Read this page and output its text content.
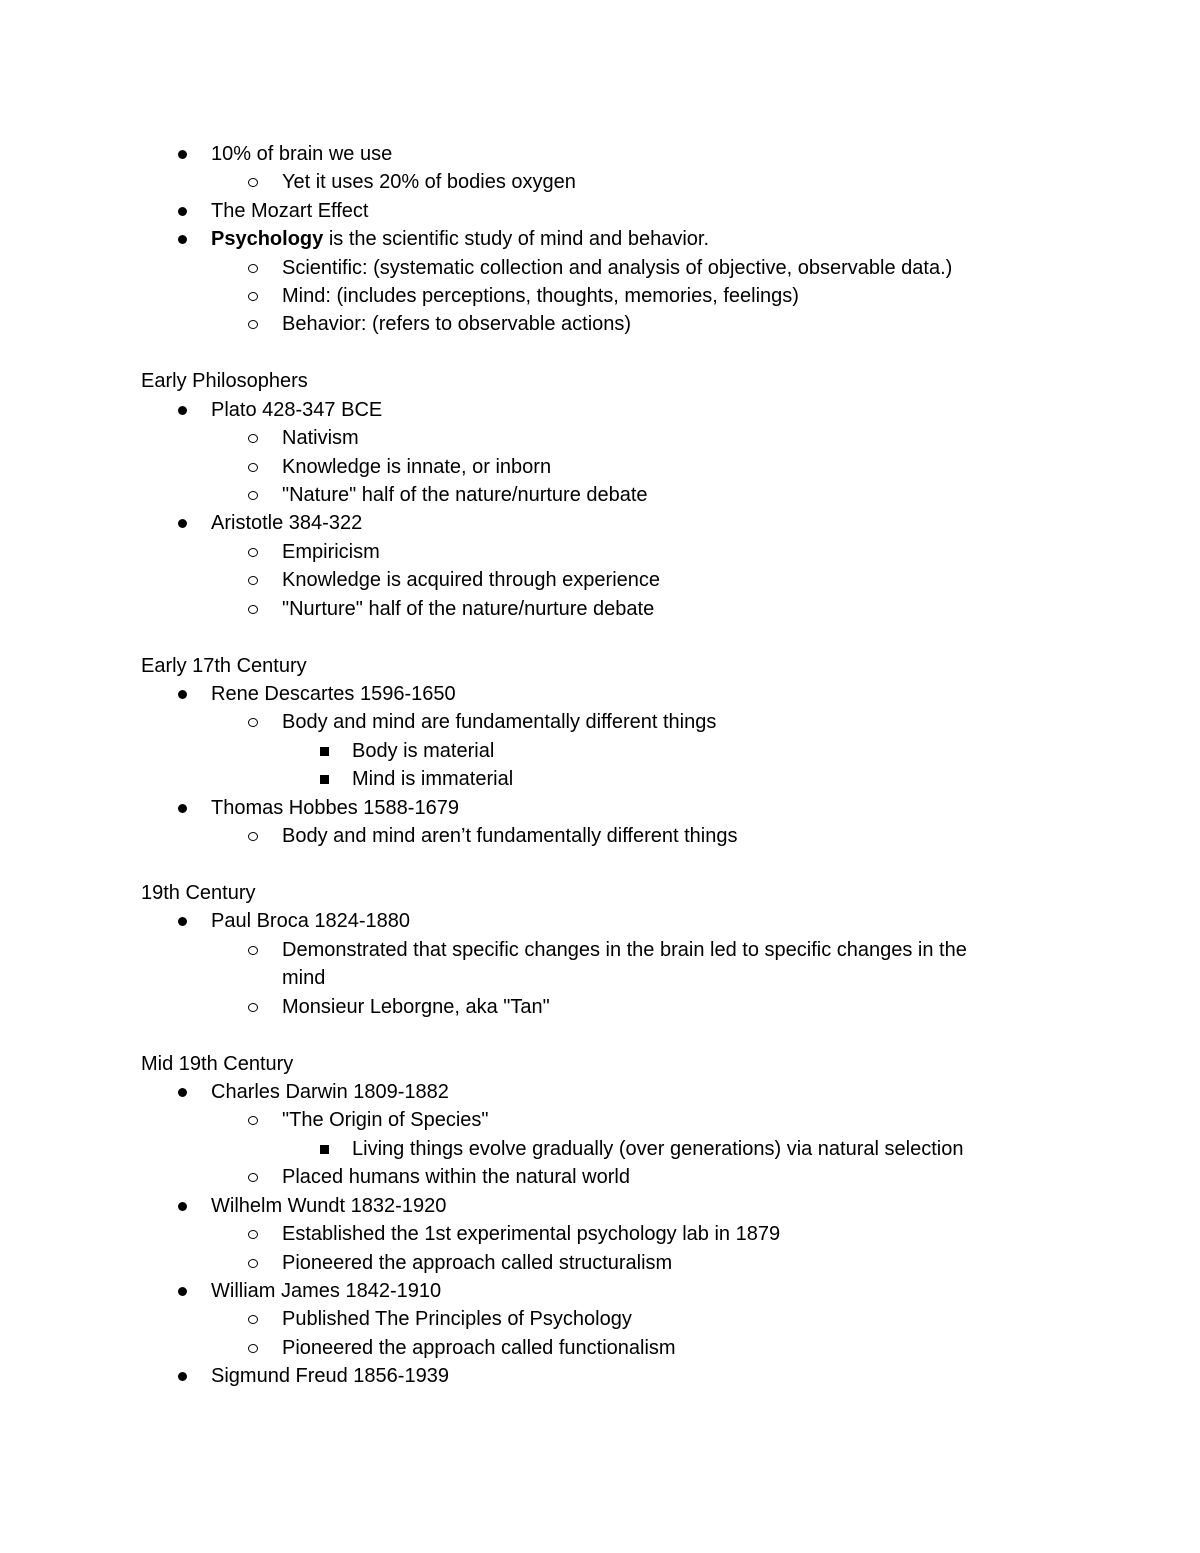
10% of brain we use
Yet it uses 20% of bodies oxygen
The Mozart Effect
Psychology is the scientific study of mind and behavior.
Scientific: (systematic collection and analysis of objective, observable data.)
Mind: (includes perceptions, thoughts, memories, feelings)
Behavior: (refers to observable actions)
Early Philosophers
Plato 428-347 BCE
Nativism
Knowledge is innate, or inborn
"Nature" half of the nature/nurture debate
Aristotle 384-322
Empiricism
Knowledge is acquired through experience
"Nurture" half of the nature/nurture debate
Early 17th Century
Rene Descartes 1596-1650
Body and mind are fundamentally different things
Body is material
Mind is immaterial
Thomas Hobbes 1588-1679
Body and mind aren’t fundamentally different things
19th Century
Paul Broca 1824-1880
Demonstrated that specific changes in the brain led to specific changes in the
mind
Monsieur Leborgne, aka "Tan"
Mid 19th Century
Charles Darwin 1809-1882
"The Origin of Species"
Living things evolve gradually (over generations) via natural selection
Placed humans within the natural world
Wilhelm Wundt 1832-1920
Established the 1st experimental psychology lab in 1879
Pioneered the approach called structuralism
William James 1842-1910
Published The Principles of Psychology
Pioneered the approach called functionalism
Sigmund Freud 1856-1939
